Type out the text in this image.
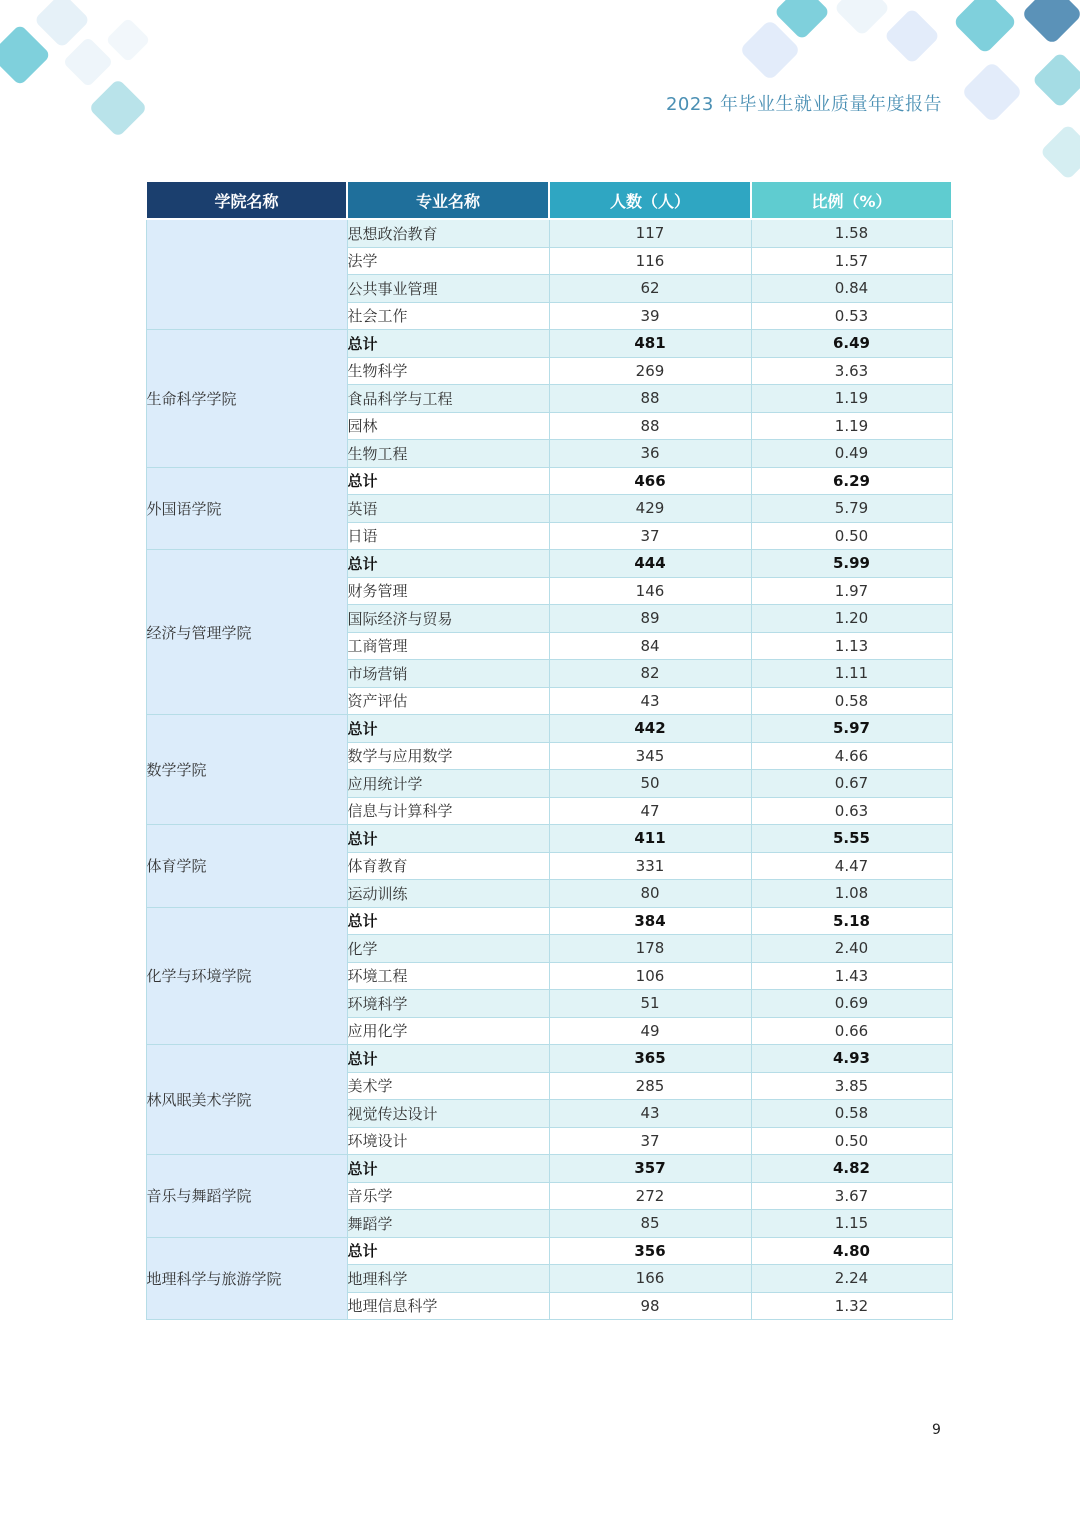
2023 年毕业生就业质量年度报告
学院名称	专业名称	人数（人）	比例（%）
	思想政治教育	117	1.58
	法学	116	1.57
	公共事业管理	62	0.84
	社会工作	39	0.53
生命科学学院	总计	481	6.49
	生物科学	269	3.63
	食品科学与工程	88	1.19
	园林	88	1.19
	生物工程	36	0.49
外国语学院	总计	466	6.29
	英语	429	5.79
	日语	37	0.50
经济与管理学院	总计	444	5.99
	财务管理	146	1.97
	国际经济与贸易	89	1.20
	工商管理	84	1.13
	市场营销	82	1.11
	资产评估	43	0.58
数学学院	总计	442	5.97
	数学与应用数学	345	4.66
	应用统计学	50	0.67
	信息与计算科学	47	0.63
体育学院	总计	411	5.55
	体育教育	331	4.47
	运动训练	80	1.08
化学与环境学院	总计	384	5.18
	化学	178	2.40
	环境工程	106	1.43
	环境科学	51	0.69
	应用化学	49	0.66
林风眠美术学院	总计	365	4.93
	美术学	285	3.85
	视觉传达设计	43	0.58
	环境设计	37	0.50
音乐与舞蹈学院	总计	357	4.82
	音乐学	272	3.67
	舞蹈学	85	1.15
地理科学与旅游学院	总计	356	4.80
	地理科学	166	2.24
	地理信息科学	98	1.32
9
